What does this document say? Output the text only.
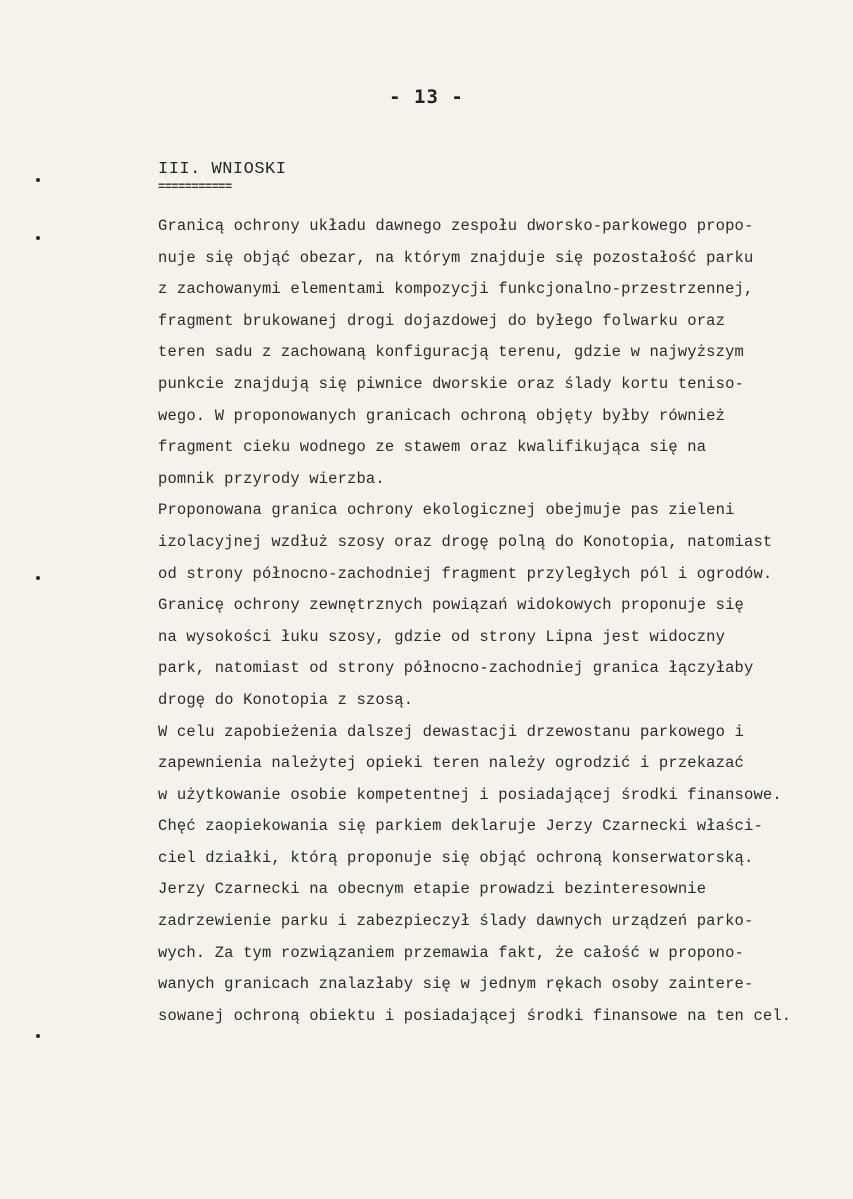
- 13 -
III. WNIOSKI
===========
Granicą ochrony układu dawnego zespołu dworsko-parkowego propo-
nuje się objąć obezar, na którym znajduje się pozostałość parku
z zachowanymi elementami kompozycji funkcjonalno-przestrzennej,
fragment brukowanej drogi dojazdowej do byłego folwarku oraz
teren sadu z zachowaną konfiguracją terenu, gdzie w najwyższym
punkcie znajdują się piwnice dworskie oraz ślady kortu teniso-
wego. W proponowanych granicach ochroną objęty byłby również
fragment cieku wodnego ze stawem oraz kwalifikująca się na
pomnik przyrody wierzba.
Proponowana granica ochrony ekologicznej obejmuje pas zieleni
izolacyjnej wzdłuż szosy oraz drogę polną do Konotopia, natomiast
od strony północno-zachodniej fragment przyległych pól i ogrodów.
Granicę ochrony zewnętrznych powiązań widokowych proponuje się
na wysokości łuku szosy, gdzie od strony Lipna jest widoczny
park, natomiast od strony północno-zachodniej granica łączyłaby
drogę do Konotopia z szosą.
W celu zapobieżenia dalszej dewastacji drzewostanu parkowego i
zapewnienia należytej opieki teren należy ogrodzić i przekazać
w użytkowanie osobie kompetentnej i posiadającej środki finansowe.
Chęć zaopiekowania się parkiem deklaruje Jerzy Czarnecki właści-
ciel działki, którą proponuje się objąć ochroną konserwatorską.
Jerzy Czarnecki na obecnym etapie prowadzi bezinteresownie
zadrzewienie parku i zabezpieczył ślady dawnych urządzeń parko-
wych. Za tym rozwiązaniem przemawia fakt, że całość w propono-
wanych granicach znalazłaby się w jednym rękach osoby zaintere-
sowanej ochroną obiektu i posiadającej środki finansowe na ten cel.
